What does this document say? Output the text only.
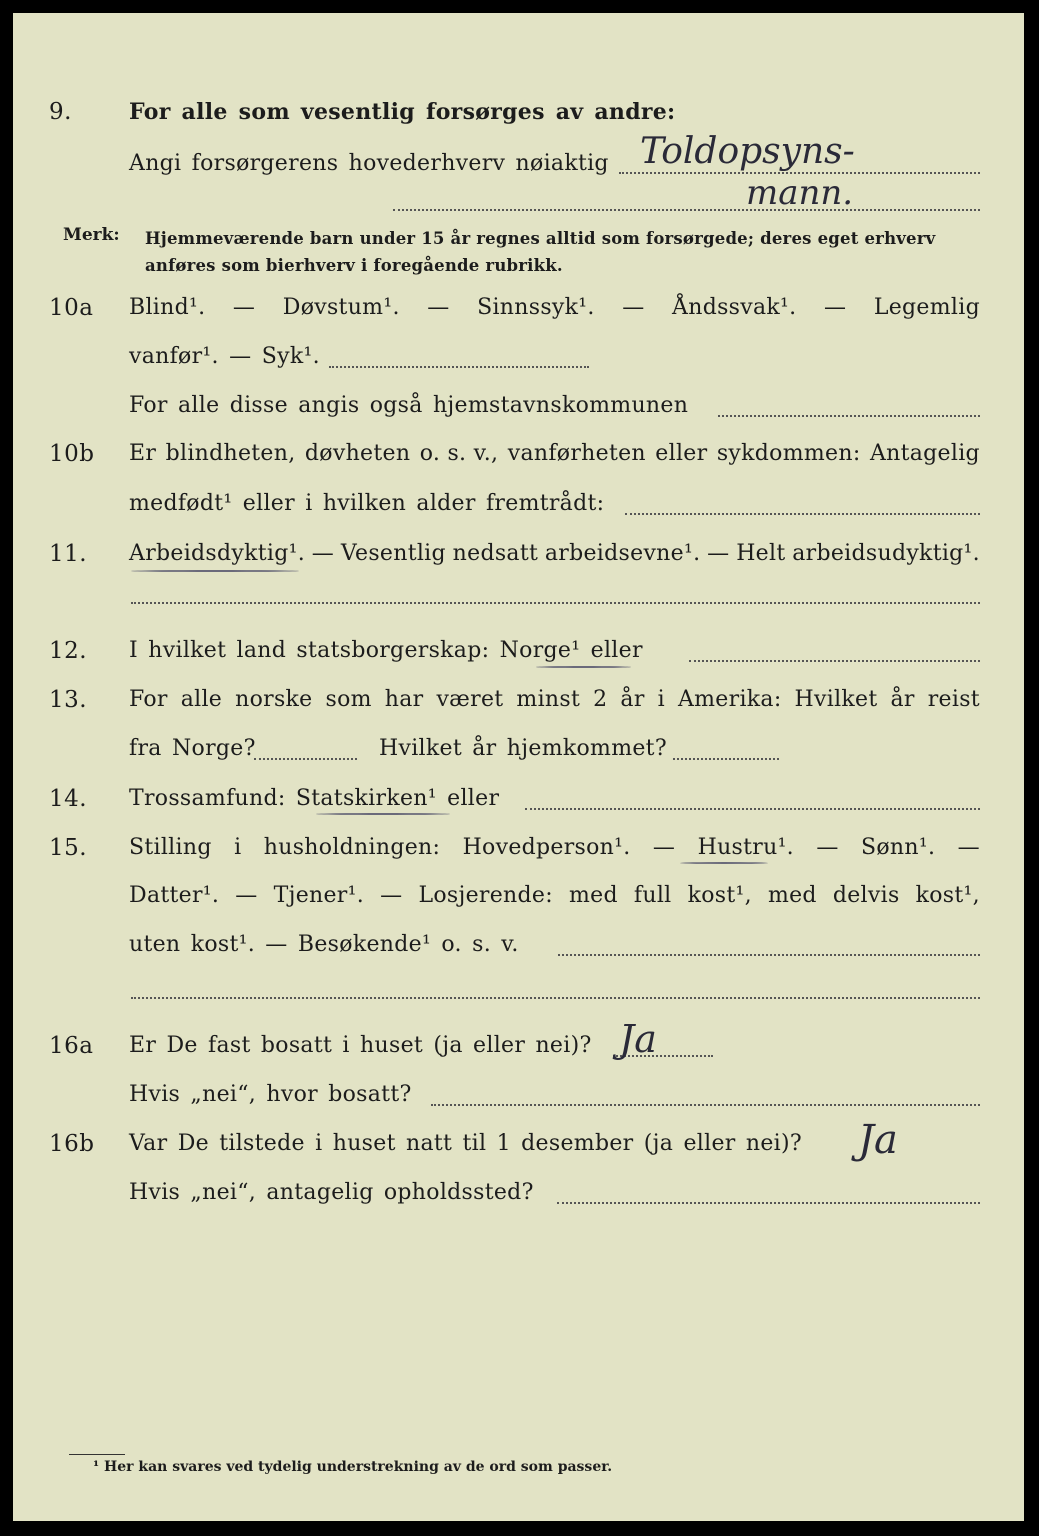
9.	For alle som vesentlig forsørges av andre:
Angi forsørgerens hovederhverv nøiaktig Toldopsyns-
mann.
Merk: Hjemmeværende barn under 15 år regnes alltid som forsørgede; deres eget erhverv anføres som bierhverv i foregående rubrikk.
10a Blind¹. — Døvstum¹. — Sinnssyk¹. — Åndssvak¹. — Legemlig
vanfør¹. — Syk¹.
For alle disse angis også hjemstavnskommunen
10b Er blindheten, døvheten o. s. v., vanførheten eller sykdommen: Antagelig
medfødt¹ eller i hvilken alder fremtrådt:
11. Arbeidsdyktig¹. — Vesentlig nedsatt arbeidsevne¹. — Helt arbeidsudyktig¹.
12. I hvilket land statsborgerskap: Norge¹ eller
13. For alle norske som har været minst 2 år i Amerika: Hvilket år reist
fra Norge?	Hvilket år hjemkommet?
14. Trossamfund: Statskirken¹ eller
15. Stilling i husholdningen: Hovedperson¹. — Hustru¹. — Sønn¹. —
Datter¹. — Tjener¹. — Losjerende: med full kost¹, med delvis kost¹,
uten kost¹. — Besøkende¹ o. s. v.
16a Er De fast bosatt i huset (ja eller nei)? Ja
Hvis „nei“, hvor bosatt?
16b Var De tilstede i huset natt til 1 desember (ja eller nei)? Ja
Hvis „nei“, antagelig opholdssted?
¹ Her kan svares ved tydelig understrekning av de ord som passer.
